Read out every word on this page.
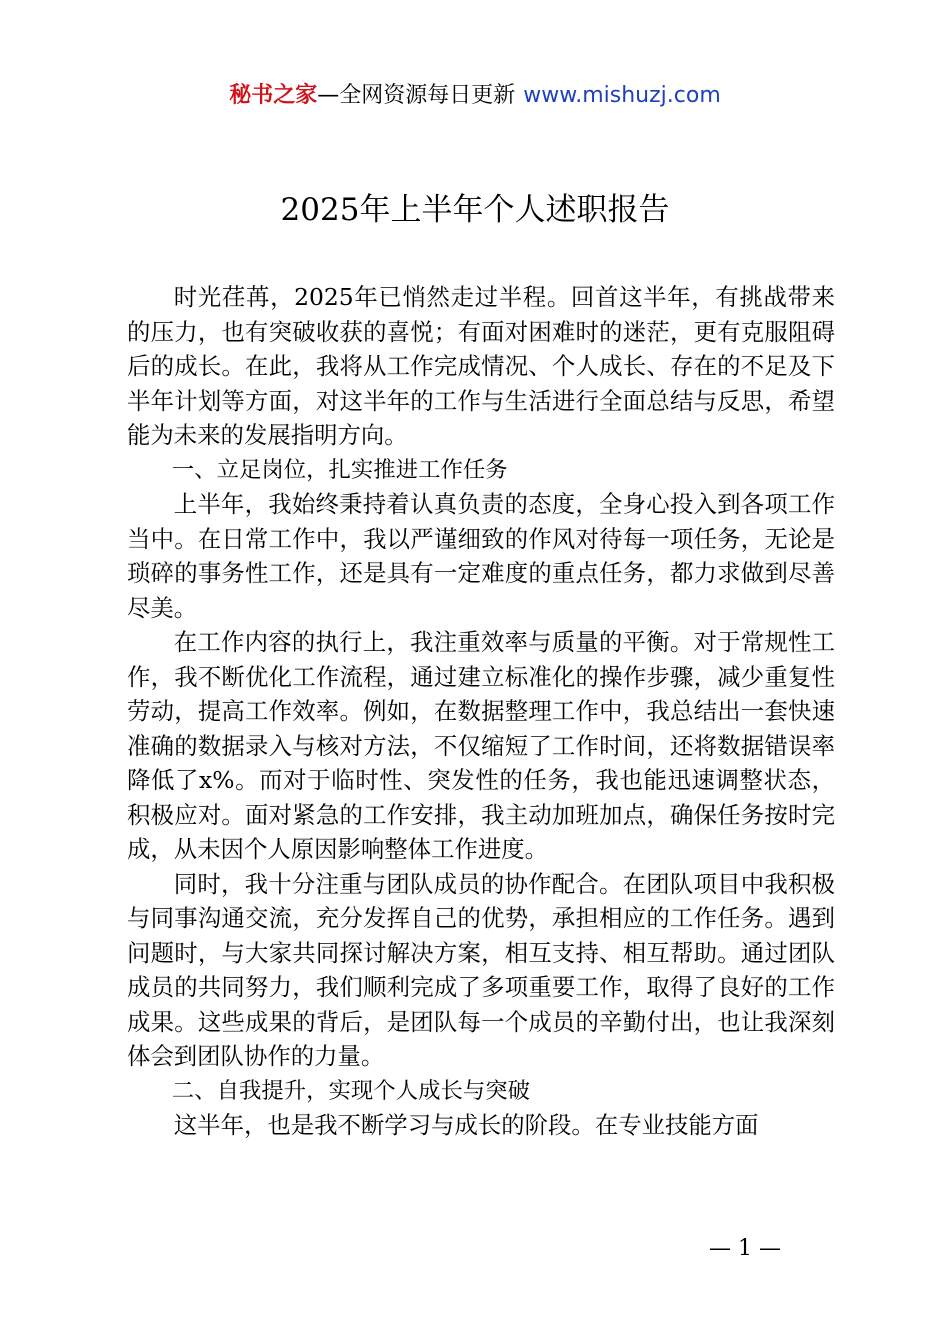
秘书之家—全网资源每日更新 www.mishuzj.com
2025年上半年个人述职报告

时光荏苒，2025年已悄然走过半程。回首这半年，有挑战带来的压力，也有突破收获的喜悦；有面对困难时的迷茫，更有克服阻碍后的成长。在此，我将从工作完成情况、个人成长、存在的不足及下半年计划等方面，对这半年的工作与生活进行全面总结与反思，希望能为未来的发展指明方向。

一、立足岗位，扎实推进工作任务

上半年，我始终秉持着认真负责的态度，全身心投入到各项工作当中。在日常工作中，我以严谨细致的作风对待每一项任务，无论是琐碎的事务性工作，还是具有一定难度的重点任务，都力求做到尽善尽美。

在工作内容的执行上，我注重效率与质量的平衡。对于常规性工作，我不断优化工作流程，通过建立标准化的操作步骤，减少重复性劳动，提高工作效率。例如，在数据整理工作中，我总结出一套快速准确的数据录入与核对方法，不仅缩短了工作时间，还将数据错误率降低了x%。而对于临时性、突发性的任务，我也能迅速调整状态，积极应对。面对紧急的工作安排，我主动加班加点，确保任务按时完成，从未因个人原因影响整体工作进度。

同时，我十分注重与团队成员的协作配合。在团队项目中我积极与同事沟通交流，充分发挥自己的优势，承担相应的工作任务。遇到问题时，与大家共同探讨解决方案，相互支持、相互帮助。通过团队成员的共同努力，我们顺利完成了多项重要工作，取得了良好的工作成果。这些成果的背后，是团队每一个成员的辛勤付出，也让我深刻体会到团队协作的力量。

二、自我提升，实现个人成长与突破

这半年，也是我不断学习与成长的阶段。在专业技能方面

— 1 —
